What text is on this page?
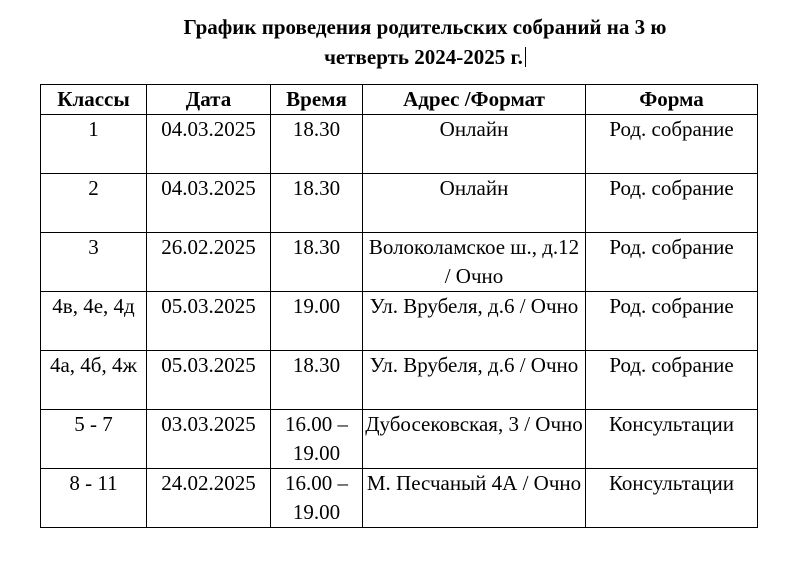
График проведения родительских собраний на 3 ю
четверть 2024-2025 г.
Классы	Дата	Время	Адрес /Формат	Форма
1	04.03.2025	18.30	Онлайн	Род. собрание
2	04.03.2025	18.30	Онлайн	Род. собрание
3	26.02.2025	18.30	Волоколамское ш., д.12 / Очно	Род. собрание
4в, 4е, 4д	05.03.2025	19.00	Ул. Врубеля, д.6 / Очно	Род. собрание
4а, 4б, 4ж	05.03.2025	18.30	Ул. Врубеля, д.6 / Очно	Род. собрание
5 - 7	03.03.2025	16.00 – 19.00	Дубосековская, 3 / Очно	Консультации
8 - 11	24.02.2025	16.00 – 19.00	М. Песчаный 4А / Очно	Консультации
